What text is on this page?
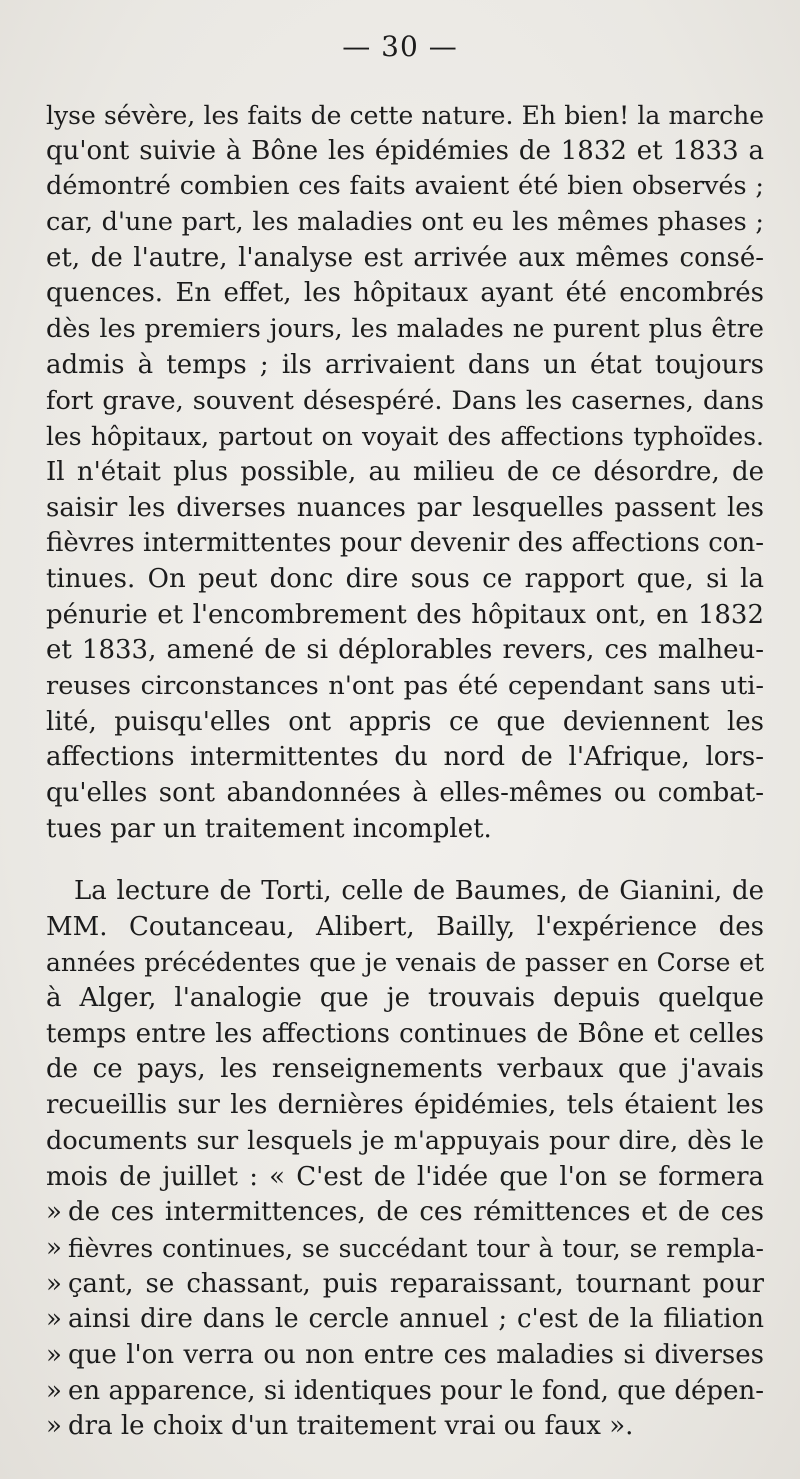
— 30 —
lyse sévère, les faits de cette nature. Eh bien! la marche
qu'ont suivie à Bône les épidémies de 1832 et 1833 a
démontré combien ces faits avaient été bien observés ;
car, d'une part, les maladies ont eu les mêmes phases ;
et, de l'autre, l'analyse est arrivée aux mêmes consé-
quences. En effet, les hôpitaux ayant été encombrés
dès les premiers jours, les malades ne purent plus être
admis à temps ; ils arrivaient dans un état toujours
fort grave, souvent désespéré. Dans les casernes, dans
les hôpitaux, partout on voyait des affections typhoïdes.
Il n'était plus possible, au milieu de ce désordre, de
saisir les diverses nuances par lesquelles passent les
fièvres intermittentes pour devenir des affections con-
tinues. On peut donc dire sous ce rapport que, si la
pénurie et l'encombrement des hôpitaux ont, en 1832
et 1833, amené de si déplorables revers, ces malheu-
reuses circonstances n'ont pas été cependant sans uti-
lité, puisqu'elles ont appris ce que deviennent les
affections intermittentes du nord de l'Afrique, lors-
qu'elles sont abandonnées à elles-mêmes ou combat-
tues par un traitement incomplet.
La lecture de Torti, celle de Baumes, de Gianini, de
MM. Coutanceau, Alibert, Bailly, l'expérience des
années précédentes que je venais de passer en Corse et
à Alger, l'analogie que je trouvais depuis quelque
temps entre les affections continues de Bône et celles
de ce pays, les renseignements verbaux que j'avais
recueillis sur les dernières épidémies, tels étaient les
documents sur lesquels je m'appuyais pour dire, dès le
mois de juillet : « C'est de l'idée que l'on se formera
» de ces intermittences, de ces rémittences et de ces
» fièvres continues, se succédant tour à tour, se rempla-
» çant, se chassant, puis reparaissant, tournant pour
» ainsi dire dans le cercle annuel ; c'est de la filiation
» que l'on verra ou non entre ces maladies si diverses
» en apparence, si identiques pour le fond, que dépen-
» dra le choix d'un traitement vrai ou faux ».
